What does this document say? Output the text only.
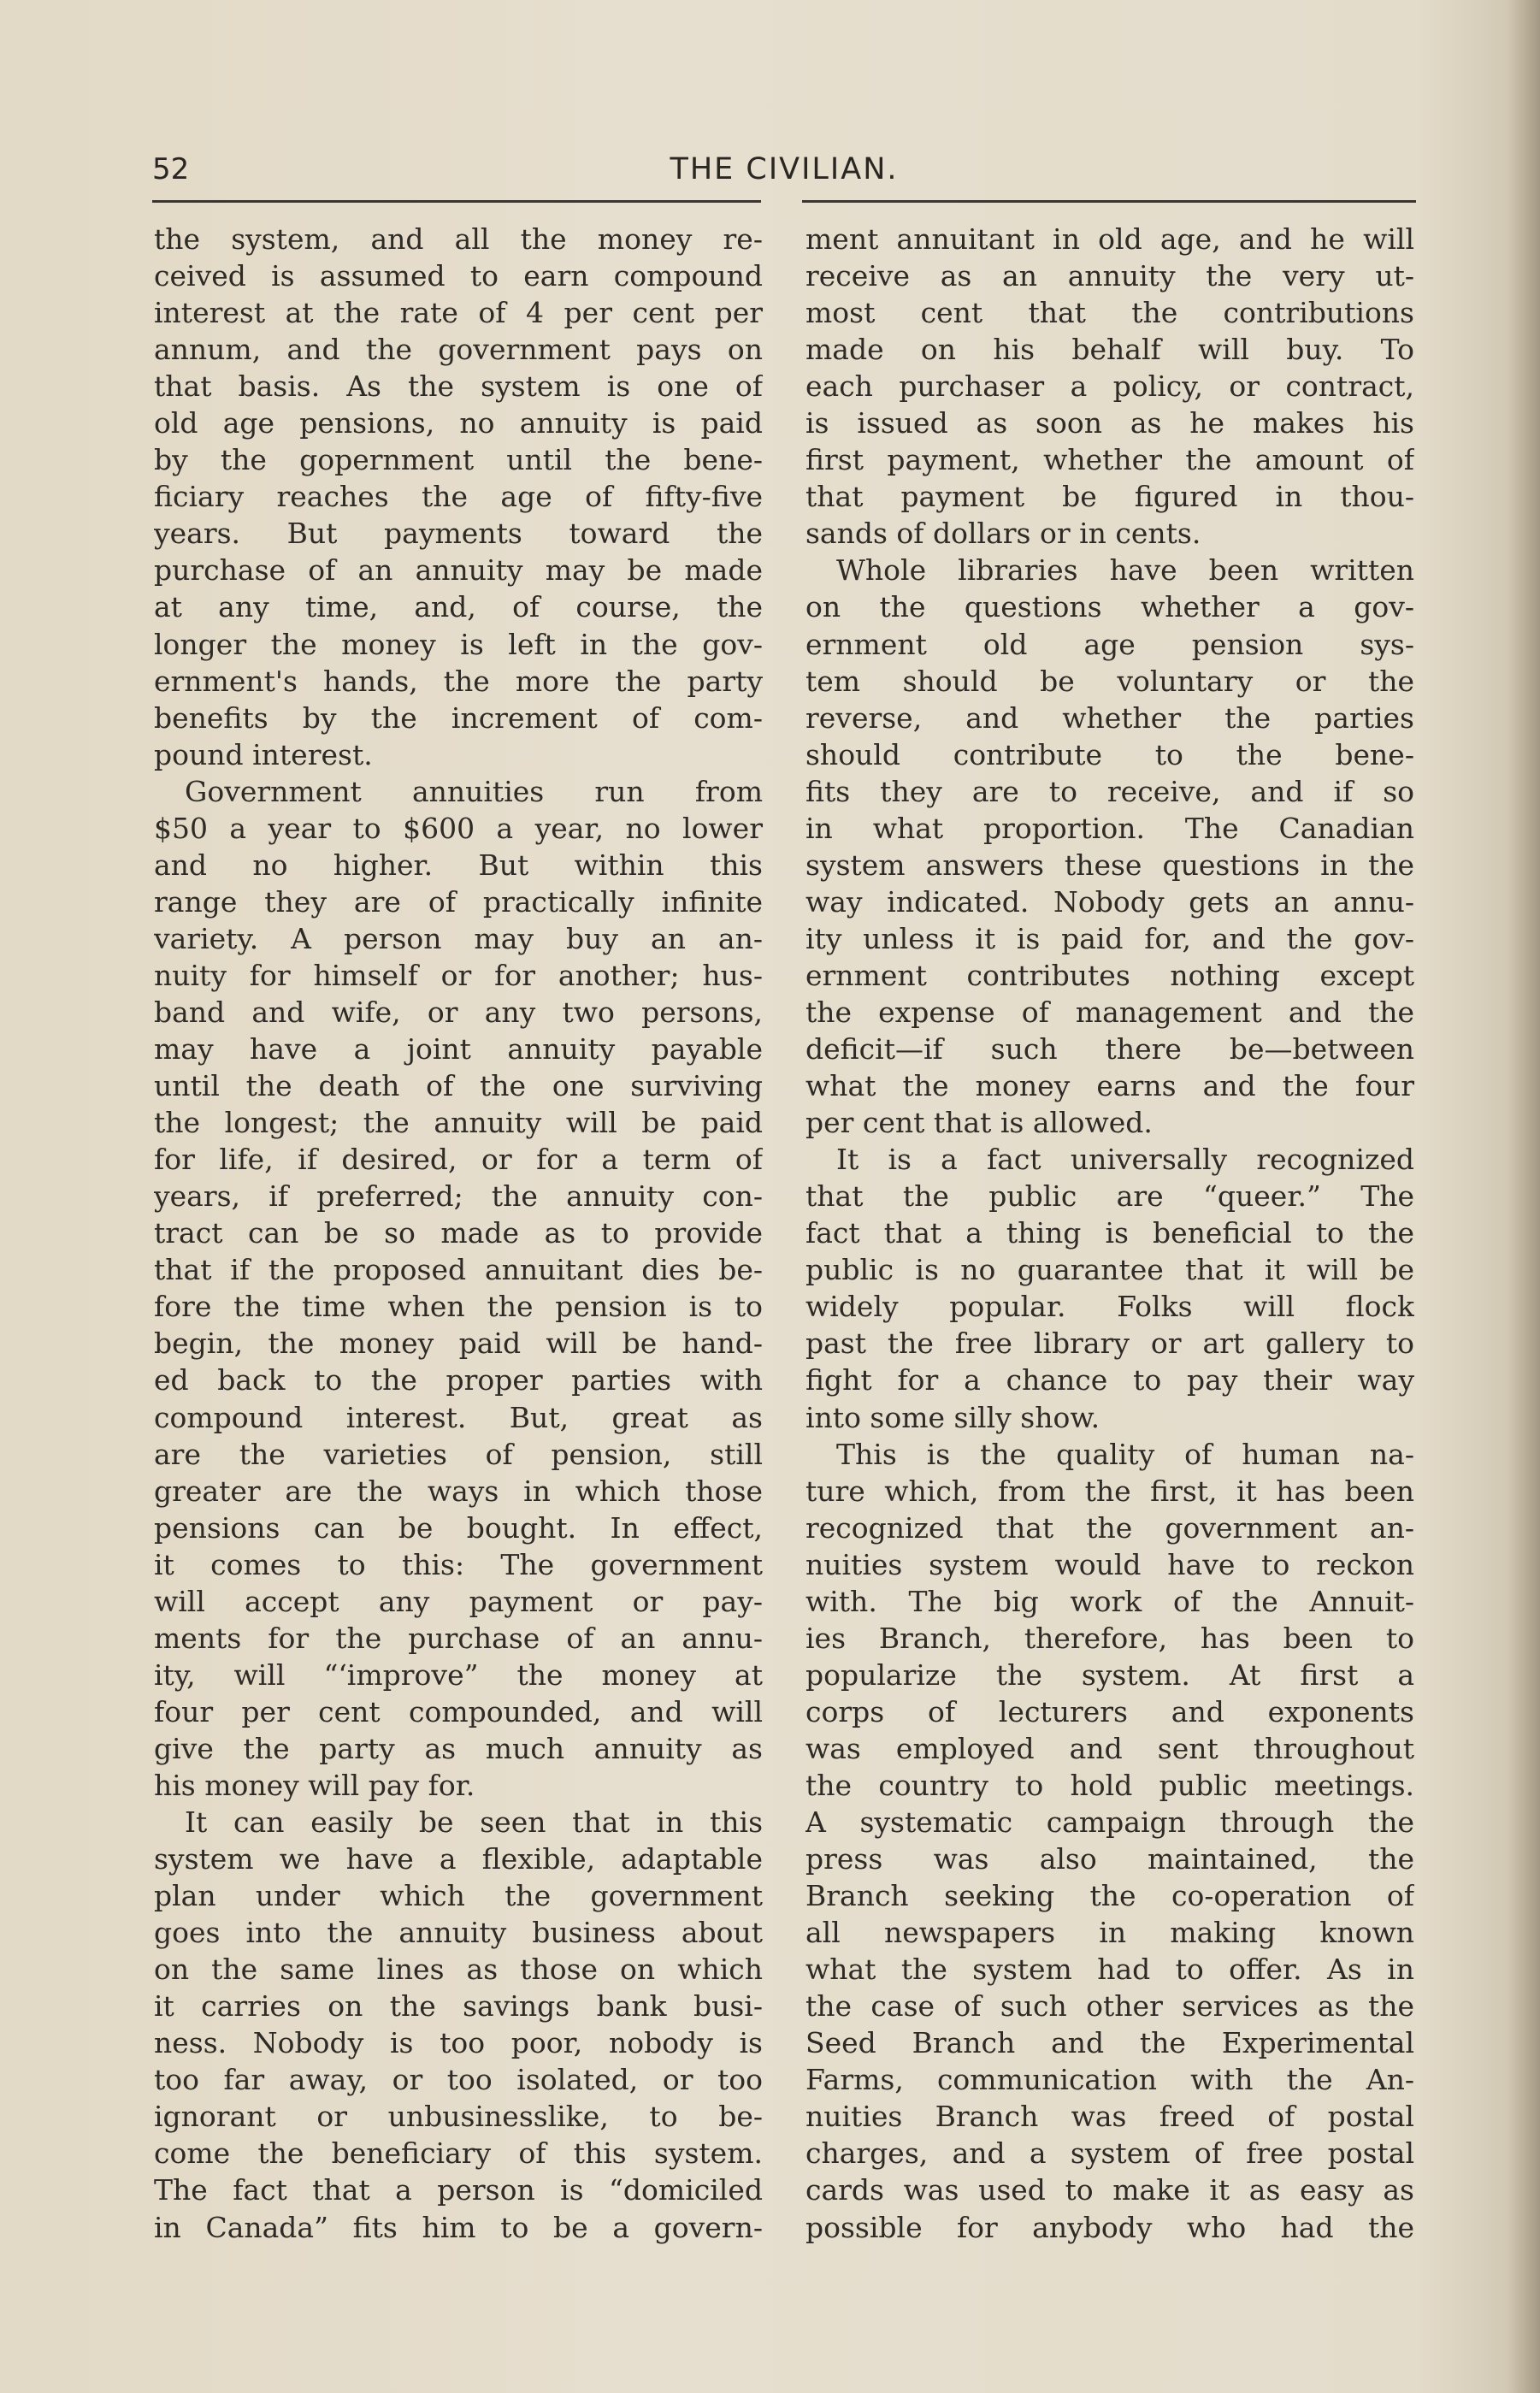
52	THE CIVILIAN.
the system, and all the money re-
ceived is assumed to earn compound
interest at the rate of 4 per cent per
annum, and the government pays on
that basis. As the system is one of
old age pensions, no annuity is paid
by the gopernment until the bene-
ficiary reaches the age of fifty-five
years. But payments toward the
purchase of an annuity may be made
at any time, and, of course, the
longer the money is left in the gov-
ernment's hands, the more the party
benefits by the increment of com-
pound interest.
Government annuities run from
$50 a year to $600 a year, no lower
and no higher. But within this
range they are of practically infinite
variety. A person may buy an an-
nuity for himself or for another; hus-
band and wife, or any two persons,
may have a joint annuity payable
until the death of the one surviving
the longest; the annuity will be paid
for life, if desired, or for a term of
years, if preferred; the annuity con-
tract can be so made as to provide
that if the proposed annuitant dies be-
fore the time when the pension is to
begin, the money paid will be hand-
ed back to the proper parties with
compound interest. But, great as
are the varieties of pension, still
greater are the ways in which those
pensions can be bought. In effect,
it comes to this: The government
will accept any payment or pay-
ments for the purchase of an annu-
ity, will “‘improve” the money at
four per cent compounded, and will
give the party as much annuity as
his money will pay for.
It can easily be seen that in this
system we have a flexible, adaptable
plan under which the government
goes into the annuity business about
on the same lines as those on which
it carries on the savings bank busi-
ness. Nobody is too poor, nobody is
too far away, or too isolated, or too
ignorant or unbusinesslike, to be-
come the beneficiary of this system.
The fact that a person is “domiciled
in Canada” fits him to be a govern-
ment annuitant in old age, and he will
receive as an annuity the very ut-
most cent that the contributions
made on his behalf will buy. To
each purchaser a policy, or contract,
is issued as soon as he makes his
first payment, whether the amount of
that payment be figured in thou-
sands of dollars or in cents.
Whole libraries have been written
on the questions whether a gov-
ernment old age pension sys-
tem should be voluntary or the
reverse, and whether the parties
should contribute to the bene-
fits they are to receive, and if so
in what proportion. The Canadian
system answers these questions in the
way indicated. Nobody gets an annu-
ity unless it is paid for, and the gov-
ernment contributes nothing except
the expense of management and the
deficit—if such there be—between
what the money earns and the four
per cent that is allowed.
It is a fact universally recognized
that the public are “queer.” The
fact that a thing is beneficial to the
public is no guarantee that it will be
widely popular. Folks will flock
past the free library or art gallery to
fight for a chance to pay their way
into some silly show.
This is the quality of human na-
ture which, from the first, it has been
recognized that the government an-
nuities system would have to reckon
with. The big work of the Annuit-
ies Branch, therefore, has been to
popularize the system. At first a
corps of lecturers and exponents
was employed and sent throughout
the country to hold public meetings.
A systematic campaign through the
press was also maintained, the
Branch seeking the co-operation of
all newspapers in making known
what the system had to offer. As in
the case of such other services as the
Seed Branch and the Experimental
Farms, communication with the An-
nuities Branch was freed of postal
charges, and a system of free postal
cards was used to make it as easy as
possible for anybody who had the
